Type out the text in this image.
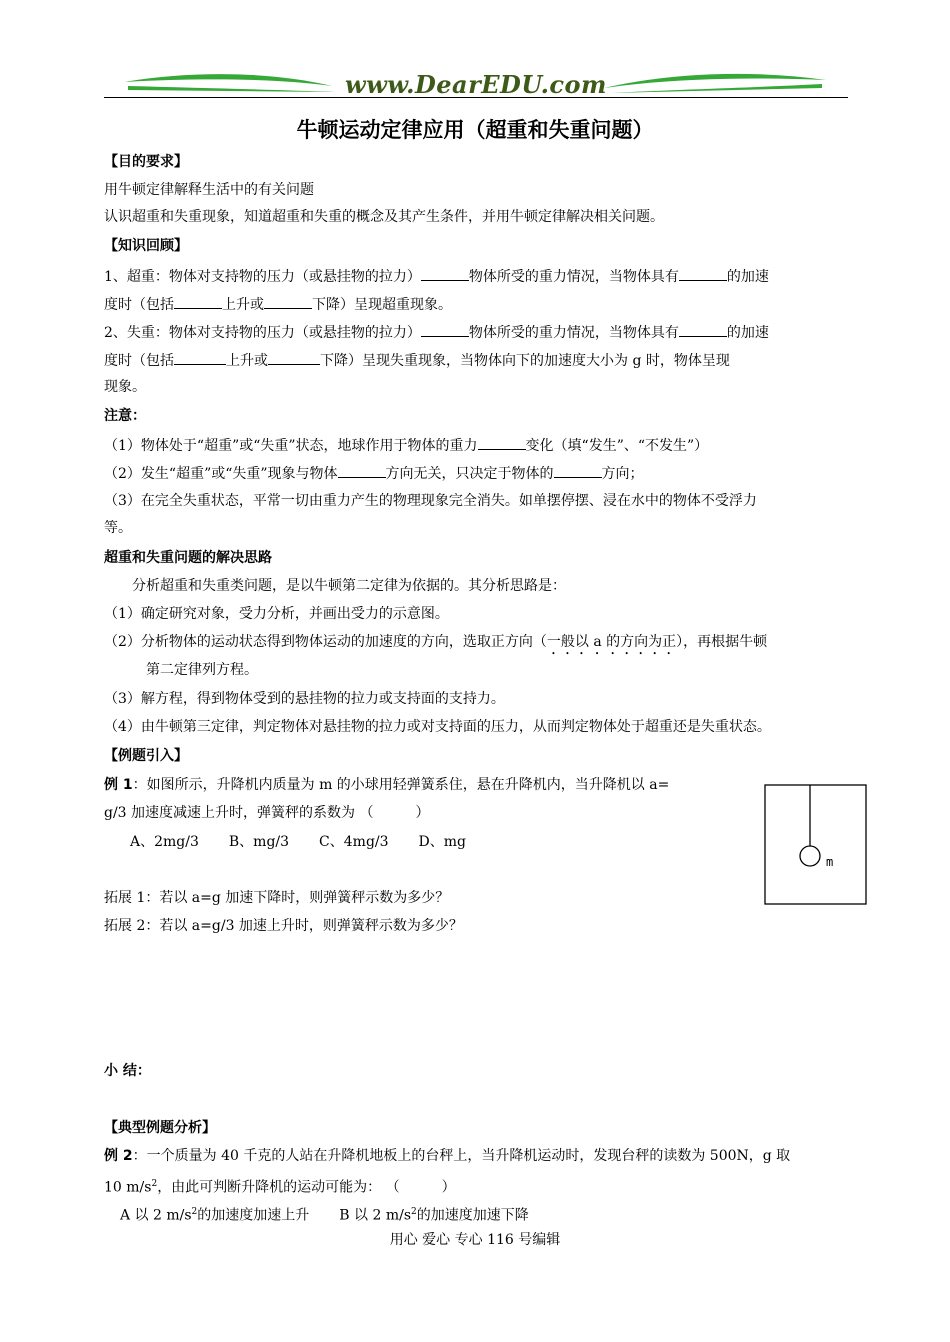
www.DearEDU.com
牛顿运动定律应用（超重和失重问题）
【目的要求】
用牛顿定律解释生活中的有关问题
认识超重和失重现象，知道超重和失重的概念及其产生条件，并用牛顿定律解决相关问题。
【知识回顾】
1、超重：物体对支持物的压力（或悬挂物的拉力）	物体所受的重力情况，当物体具有	的加速
度时（包括	上升或	下降）呈现超重现象。
2、失重：物体对支持物的压力（或悬挂物的拉力）	物体所受的重力情况，当物体具有	的加速
度时（包括	上升或	下降）呈现失重现象，当物体向下的加速度大小为 g 时，物体呈现
现象。
注意：
（1）物体处于“超重”或“失重”状态，地球作用于物体的重力	变化（填“发生”、“不发生”）
（2）发生“超重”或“失重”现象与物体	方向无关，只决定于物体的	方向；
（3）在完全失重状态，平常一切由重力产生的物理现象完全消失。如单摆停摆、浸在水中的物体不受浮力
等。
超重和失重问题的解决思路
分析超重和失重类问题，是以牛顿第二定律为依据的。其分析思路是：
（1）确定研究对象，受力分析，并画出受力的示意图。
（2）分析物体的运动状态得到物体运动的加速度的方向，选取正方向（一般以 a 的方向为正），再根据牛顿
第二定律列方程。
（3）解方程，得到物体受到的悬挂物的拉力或支持面的支持力。
（4）由牛顿第三定律，判定物体对悬挂物的拉力或对支持面的压力，从而判定物体处于超重还是失重状态。
【例题引入】
例 1：如图所示，升降机内质量为 m 的小球用轻弹簧系住，悬在升降机内，当升降机以 a=
g/3 加速度减速上升时，弹簧秤的系数为 （　　　）
A、2mg/3 B、mg/3 C、4mg/3 D、mg
拓展 1：若以 a=g 加速下降时，则弹簧秤示数为多少？
拓展 2：若以 a=g/3 加速上升时，则弹簧秤示数为多少？
m
小 结：
【典型例题分析】
例 2：一个质量为 40 千克的人站在升降机地板上的台秤上，当升降机运动时，发现台秤的读数为 500N，g 取
10 $m/s^2$，由此可判断升降机的运动可能为： （　　　）
A 以 2 $m/s^2$的加速度加速上升 B 以 2 $m/s^2$的加速度加速下降
用心 爱心 专心 116 号编辑
